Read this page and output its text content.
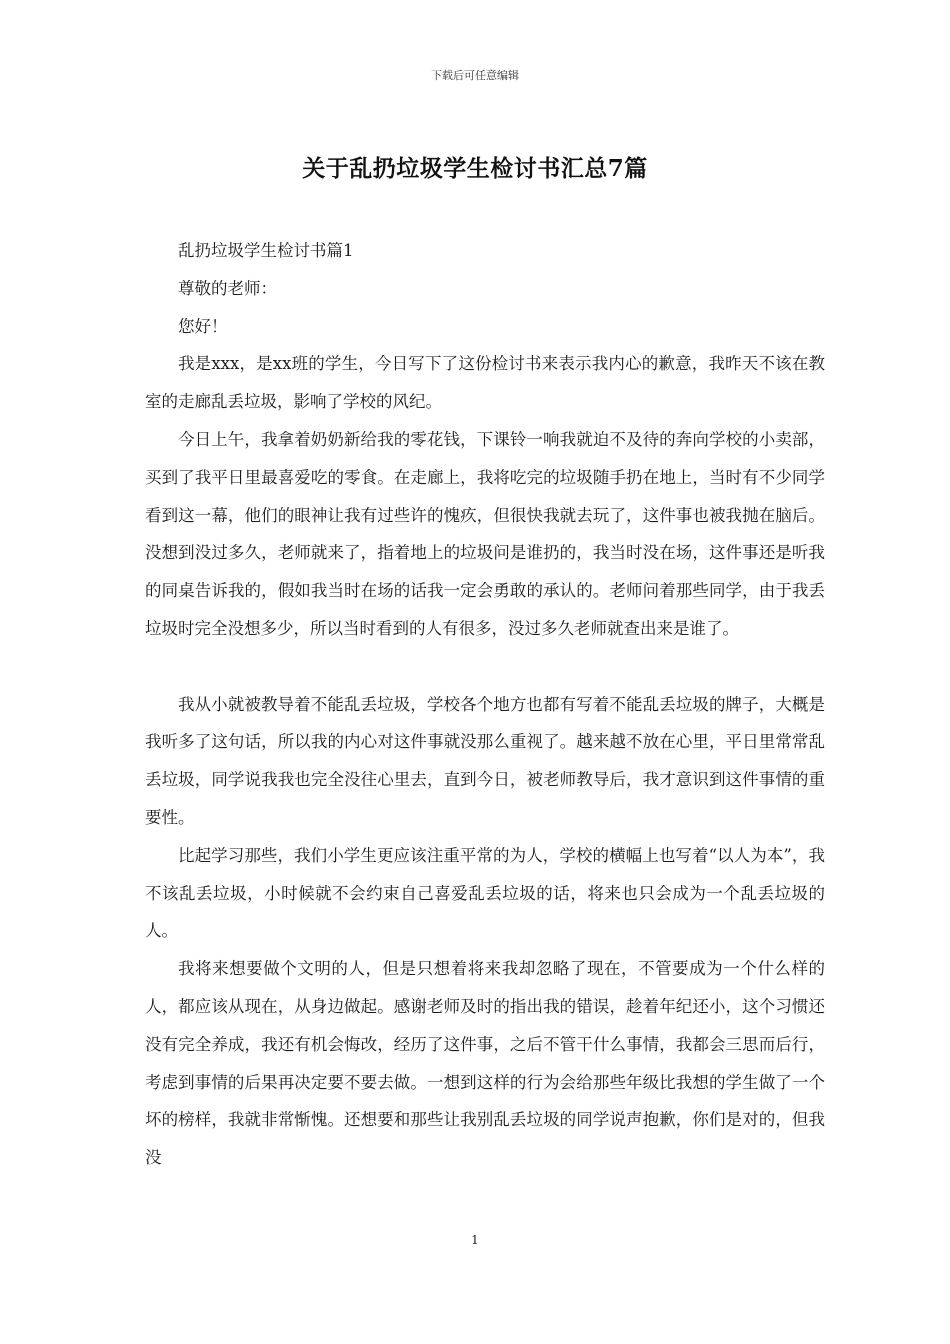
下载后可任意编辑
关于乱扔垃圾学生检讨书汇总7篇

乱扔垃圾学生检讨书篇1

尊敬的老师：

您好！

我是xxx，是xx班的学生，今日写下了这份检讨书来表示我内心的歉意，我昨天不该在教室的走廊乱丢垃圾，影响了学校的风纪。

今日上午，我拿着奶奶新给我的零花钱，下课铃一响我就迫不及待的奔向学校的小卖部，买到了我平日里最喜爱吃的零食。在走廊上，我将吃完的垃圾随手扔在地上，当时有不少同学看到这一幕，他们的眼神让我有过些许的愧疚，但很快我就去玩了，这件事也被我抛在脑后。没想到没过多久，老师就来了，指着地上的垃圾问是谁扔的，我当时没在场，这件事还是听我的同桌告诉我的，假如我当时在场的话我一定会勇敢的承认的。老师问着那些同学，由于我丢垃圾时完全没想多少，所以当时看到的人有很多，没过多久老师就查出来是谁了。

我从小就被教导着不能乱丢垃圾，学校各个地方也都有写着不能乱丢垃圾的牌子，大概是我听多了这句话，所以我的内心对这件事就没那么重视了。越来越不放在心里，平日里常常乱丢垃圾，同学说我我也完全没往心里去，直到今日，被老师教导后，我才意识到这件事情的重要性。

比起学习那些，我们小学生更应该注重平常的为人，学校的横幅上也写着“以人为本”，我不该乱丢垃圾，小时候就不会约束自己喜爱乱丢垃圾的话，将来也只会成为一个乱丢垃圾的人。

我将来想要做个文明的人，但是只想着将来我却忽略了现在，不管要成为一个什么样的人，都应该从现在，从身边做起。感谢老师及时的指出我的错误，趁着年纪还小，这个习惯还没有完全养成，我还有机会悔改，经历了这件事，之后不管干什么事情，我都会三思而后行，考虑到事情的后果再决定要不要去做。一想到这样的行为会给那些年级比我想的学生做了一个坏的榜样，我就非常惭愧。还想要和那些让我别乱丢垃圾的同学说声抱歉，你们是对的，但我没

1
